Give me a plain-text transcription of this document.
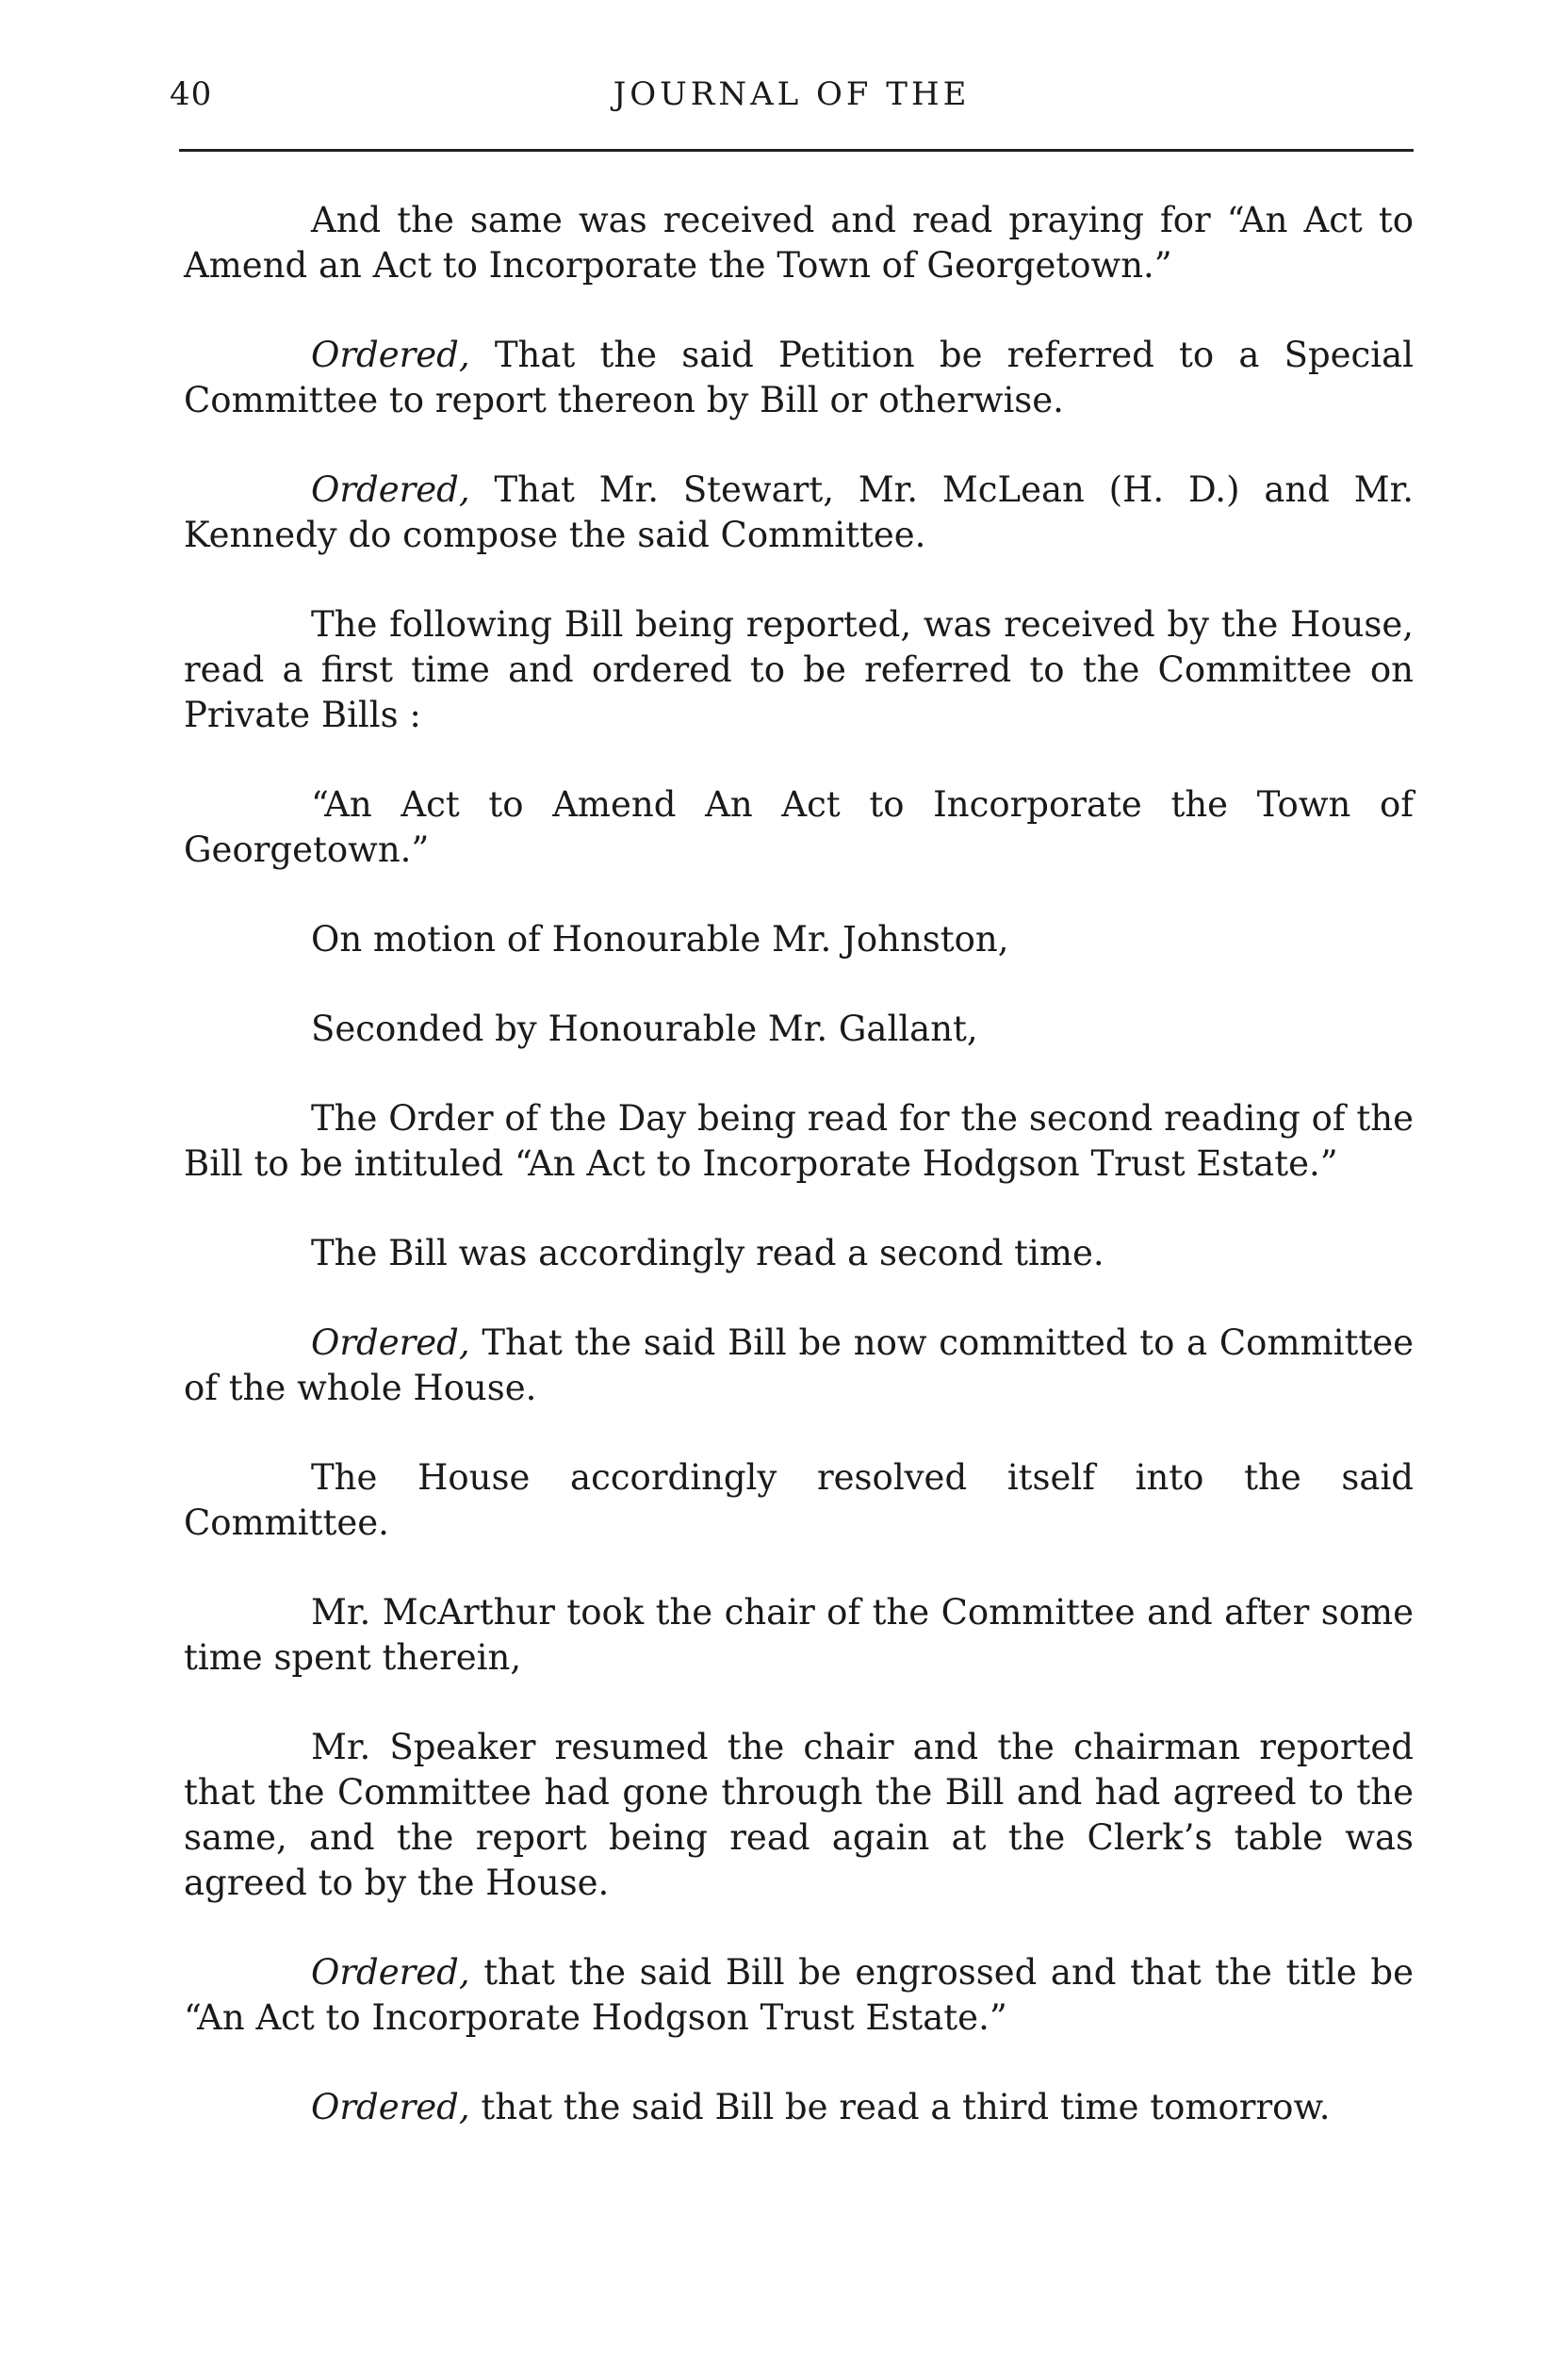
40	JOURNAL OF THE

And the same was received and read praying for “An Act to Amend an Act to Incorporate the Town of Georgetown.”

Ordered, That the said Petition be referred to a Special Committee to report thereon by Bill or otherwise.

Ordered, That Mr. Stewart, Mr. McLean (H. D.) and Mr. Kennedy do compose the said Committee.

The following Bill being reported, was received by the House, read a first time and ordered to be referred to the Committee on Private Bills :

“An Act to Amend An Act to Incorporate the Town of Georgetown.”

On motion of Honourable Mr. Johnston,

Seconded by Honourable Mr. Gallant,

The Order of the Day being read for the second reading of the Bill to be intituled “An Act to Incorporate Hodgson Trust Estate.”

The Bill was accordingly read a second time.

Ordered, That the said Bill be now committed to a Committee of the whole House.

The House accordingly resolved itself into the said Committee.

Mr. McArthur took the chair of the Committee and after some time spent therein,

Mr. Speaker resumed the chair and the chairman reported that the Committee had gone through the Bill and had agreed to the same, and the report being read again at the Clerk’s table was agreed to by the House.

Ordered, that the said Bill be engrossed and that the title be “An Act to Incorporate Hodgson Trust Estate.”

Ordered, that the said Bill be read a third time tomorrow.
